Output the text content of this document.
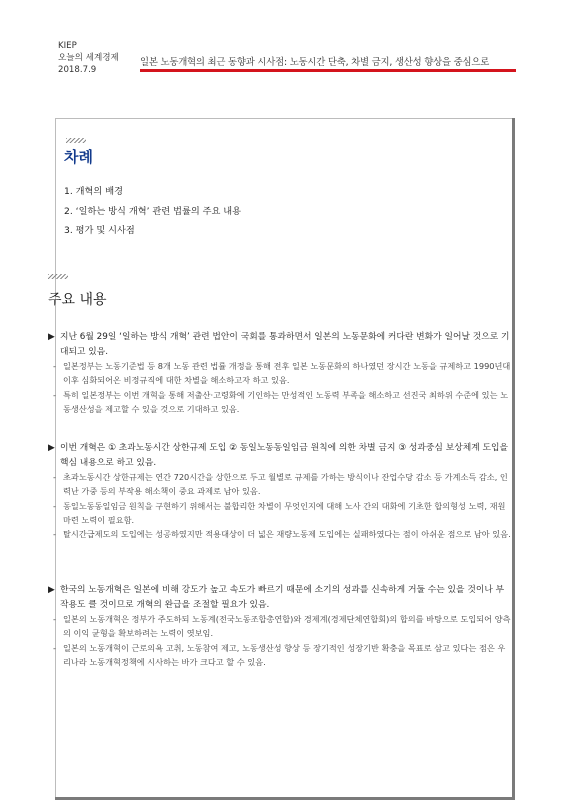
KIEP
오늘의 세계경제
2018.7.9
일본 노동개혁의 최근 동향과 시사점: 노동시간 단축, 차별 금지, 생산성 향상을 중심으로
차례
1. 개혁의 배경
2. ‘일하는 방식 개혁’ 관련 법률의 주요 내용
3. 평가 및 시사점
주요 내용
▶ 지난 6월 29일 ‘일하는 방식 개혁’ 관련 법안이 국회를 통과하면서 일본의 노동문화에 커다란 변화가 일어날 것으로 기대되고 있음.
- 일본정부는 노동기준법 등 8개 노동 관련 법률 개정을 통해 전후 일본 노동문화의 하나였던 장시간 노동을 규제하고 1990년대 이후 심화되어온 비정규직에 대한 차별을 해소하고자 하고 있음.
- 특히 일본정부는 이번 개혁을 통해 저출산·고령화에 기인하는 만성적인 노동력 부족을 해소하고 선진국 최하위 수준에 있는 노동생산성을 제고할 수 있을 것으로 기대하고 있음.
▶ 이번 개혁은 ① 초과노동시간 상한규제 도입 ② 동일노동동일임금 원칙에 의한 차별 금지 ③ 성과중심 보상체계 도입을 핵심 내용으로 하고 있음.
- 초과노동시간 상한규제는 연간 720시간을 상한으로 두고 월별로 규제를 가하는 방식이나 잔업수당 감소 등 가계소득 감소, 인력난 가중 등의 부작용 해소책이 중요 과제로 남아 있음.
- 동일노동동일임금 원칙을 구현하기 위해서는 불합리한 차별이 무엇인지에 대해 노사 간의 대화에 기초한 합의형성 노력, 재원마련 노력이 필요함.
- 탈시간급제도의 도입에는 성공하였지만 적용대상이 더 넓은 재량노동제 도입에는 실패하였다는 점이 아쉬운 점으로 남아 있음.
▶ 한국의 노동개혁은 일본에 비해 강도가 높고 속도가 빠르기 때문에 소기의 성과를 신속하게 거둘 수는 있을 것이나 부작용도 클 것이므로 개혁의 완급을 조절할 필요가 있음.
- 일본의 노동개혁은 정부가 주도하되 노동계(전국노동조합총연합)와 경제계(경제단체연합회)의 합의를 바탕으로 도입되어 양측의 이익 균형을 확보하려는 노력이 엿보임.
- 일본의 노동개혁이 근로의욕 고취, 노동참여 제고, 노동생산성 향상 등 장기적인 성장기반 확충을 목표로 삼고 있다는 점은 우리나라 노동개혁정책에 시사하는 바가 크다고 할 수 있음.
